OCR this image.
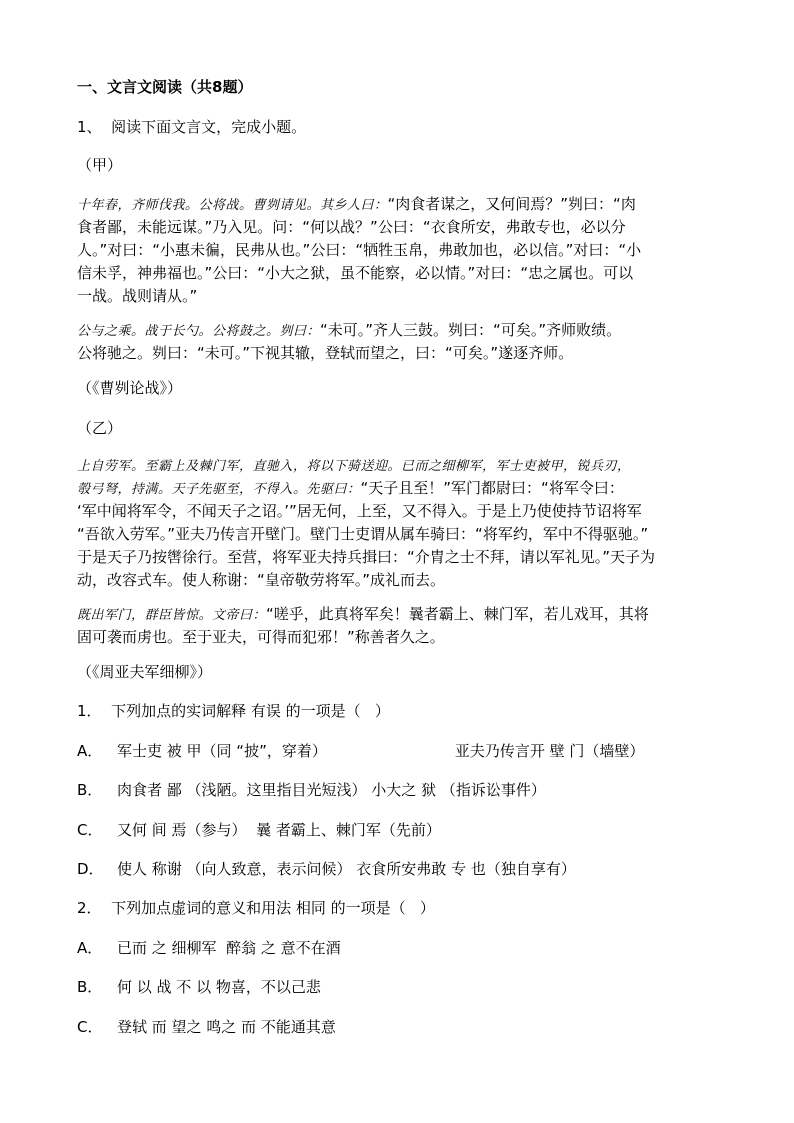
一、文言文阅读（共8题）
1、  阅读下面文言文，完成小题。
（甲）
十年春，齐师伐我。公将战。曹刿请见。其乡人曰：“肉食者谋之，又何间焉？”刿曰：“肉
食者鄙，未能远谋。”乃入见。问：“何以战？”公曰：“衣食所安，弗敢专也，必以分
人。”对曰：“小惠未徧，民弗从也。”公曰：“牺牲玉帛，弗敢加也，必以信。”对曰：“小
信未孚，神弗福也。”公曰：“小大之狱，虽不能察，必以情。”对曰：“忠之属也。可以
一战。战则请从。”
公与之乘。战于长勺。公将鼓之。刿曰：“未可。”齐人三鼓。刿曰：“可矣。”齐师败绩。
公将驰之。刿曰：“未可。”下视其辙，登轼而望之，曰：“可矣。”遂逐齐师。
（《曹刿论战》）
（乙）
上自劳军。至霸上及棘门军，直驰入，将以下骑送迎。已而之细柳军，军士吏被甲，锐兵刃，
彀弓弩，持满。天子先驱至，不得入。先驱曰：“天子且至！”军门都尉曰：“将军令曰：
‘军中闻将军令，不闻天子之诏。’”居无何，上至，又不得入。于是上乃使使持节诏将军
“吾欲入劳军。”亚夫乃传言开壁门。壁门士吏谓从属车骑曰：“将军约，军中不得驱驰。”
于是天子乃按辔徐行。至营，将军亚夫持兵揖曰：“介胄之士不拜，请以军礼见。”天子为
动，改容式车。使人称谢：“皇帝敬劳将军。”成礼而去。
既出军门，群臣皆惊。文帝曰：“嗟乎，此真将军矣！曩者霸上、棘门军，若儿戏耳，其将
固可袭而虏也。至于亚夫，可得而犯邪！”称善者久之。
（《周亚夫军细柳》）
1．  下列加点的实词解释 有误 的一项是（   ）
A． 军士吏 被 甲（同 “披”，穿着）	亚夫乃传言开 壁 门（墙壁）
B． 肉食者 鄙 （浅陋。这里指目光短浅） 小大之 狱 （指诉讼事件）
C． 又何 间 焉（参与）  曩 者霸上、棘门军（先前）
D． 使人 称谢 （向人致意，表示问候） 衣食所安弗敢 专 也（独自享有）
2．  下列加点虚词的意义和用法 相同 的一项是（   ）
A． 已而 之 细柳军  醉翁 之 意不在酒
B． 何 以 战 不 以 物喜，不以己悲
C． 登轼 而 望之 鸣之 而 不能通其意
